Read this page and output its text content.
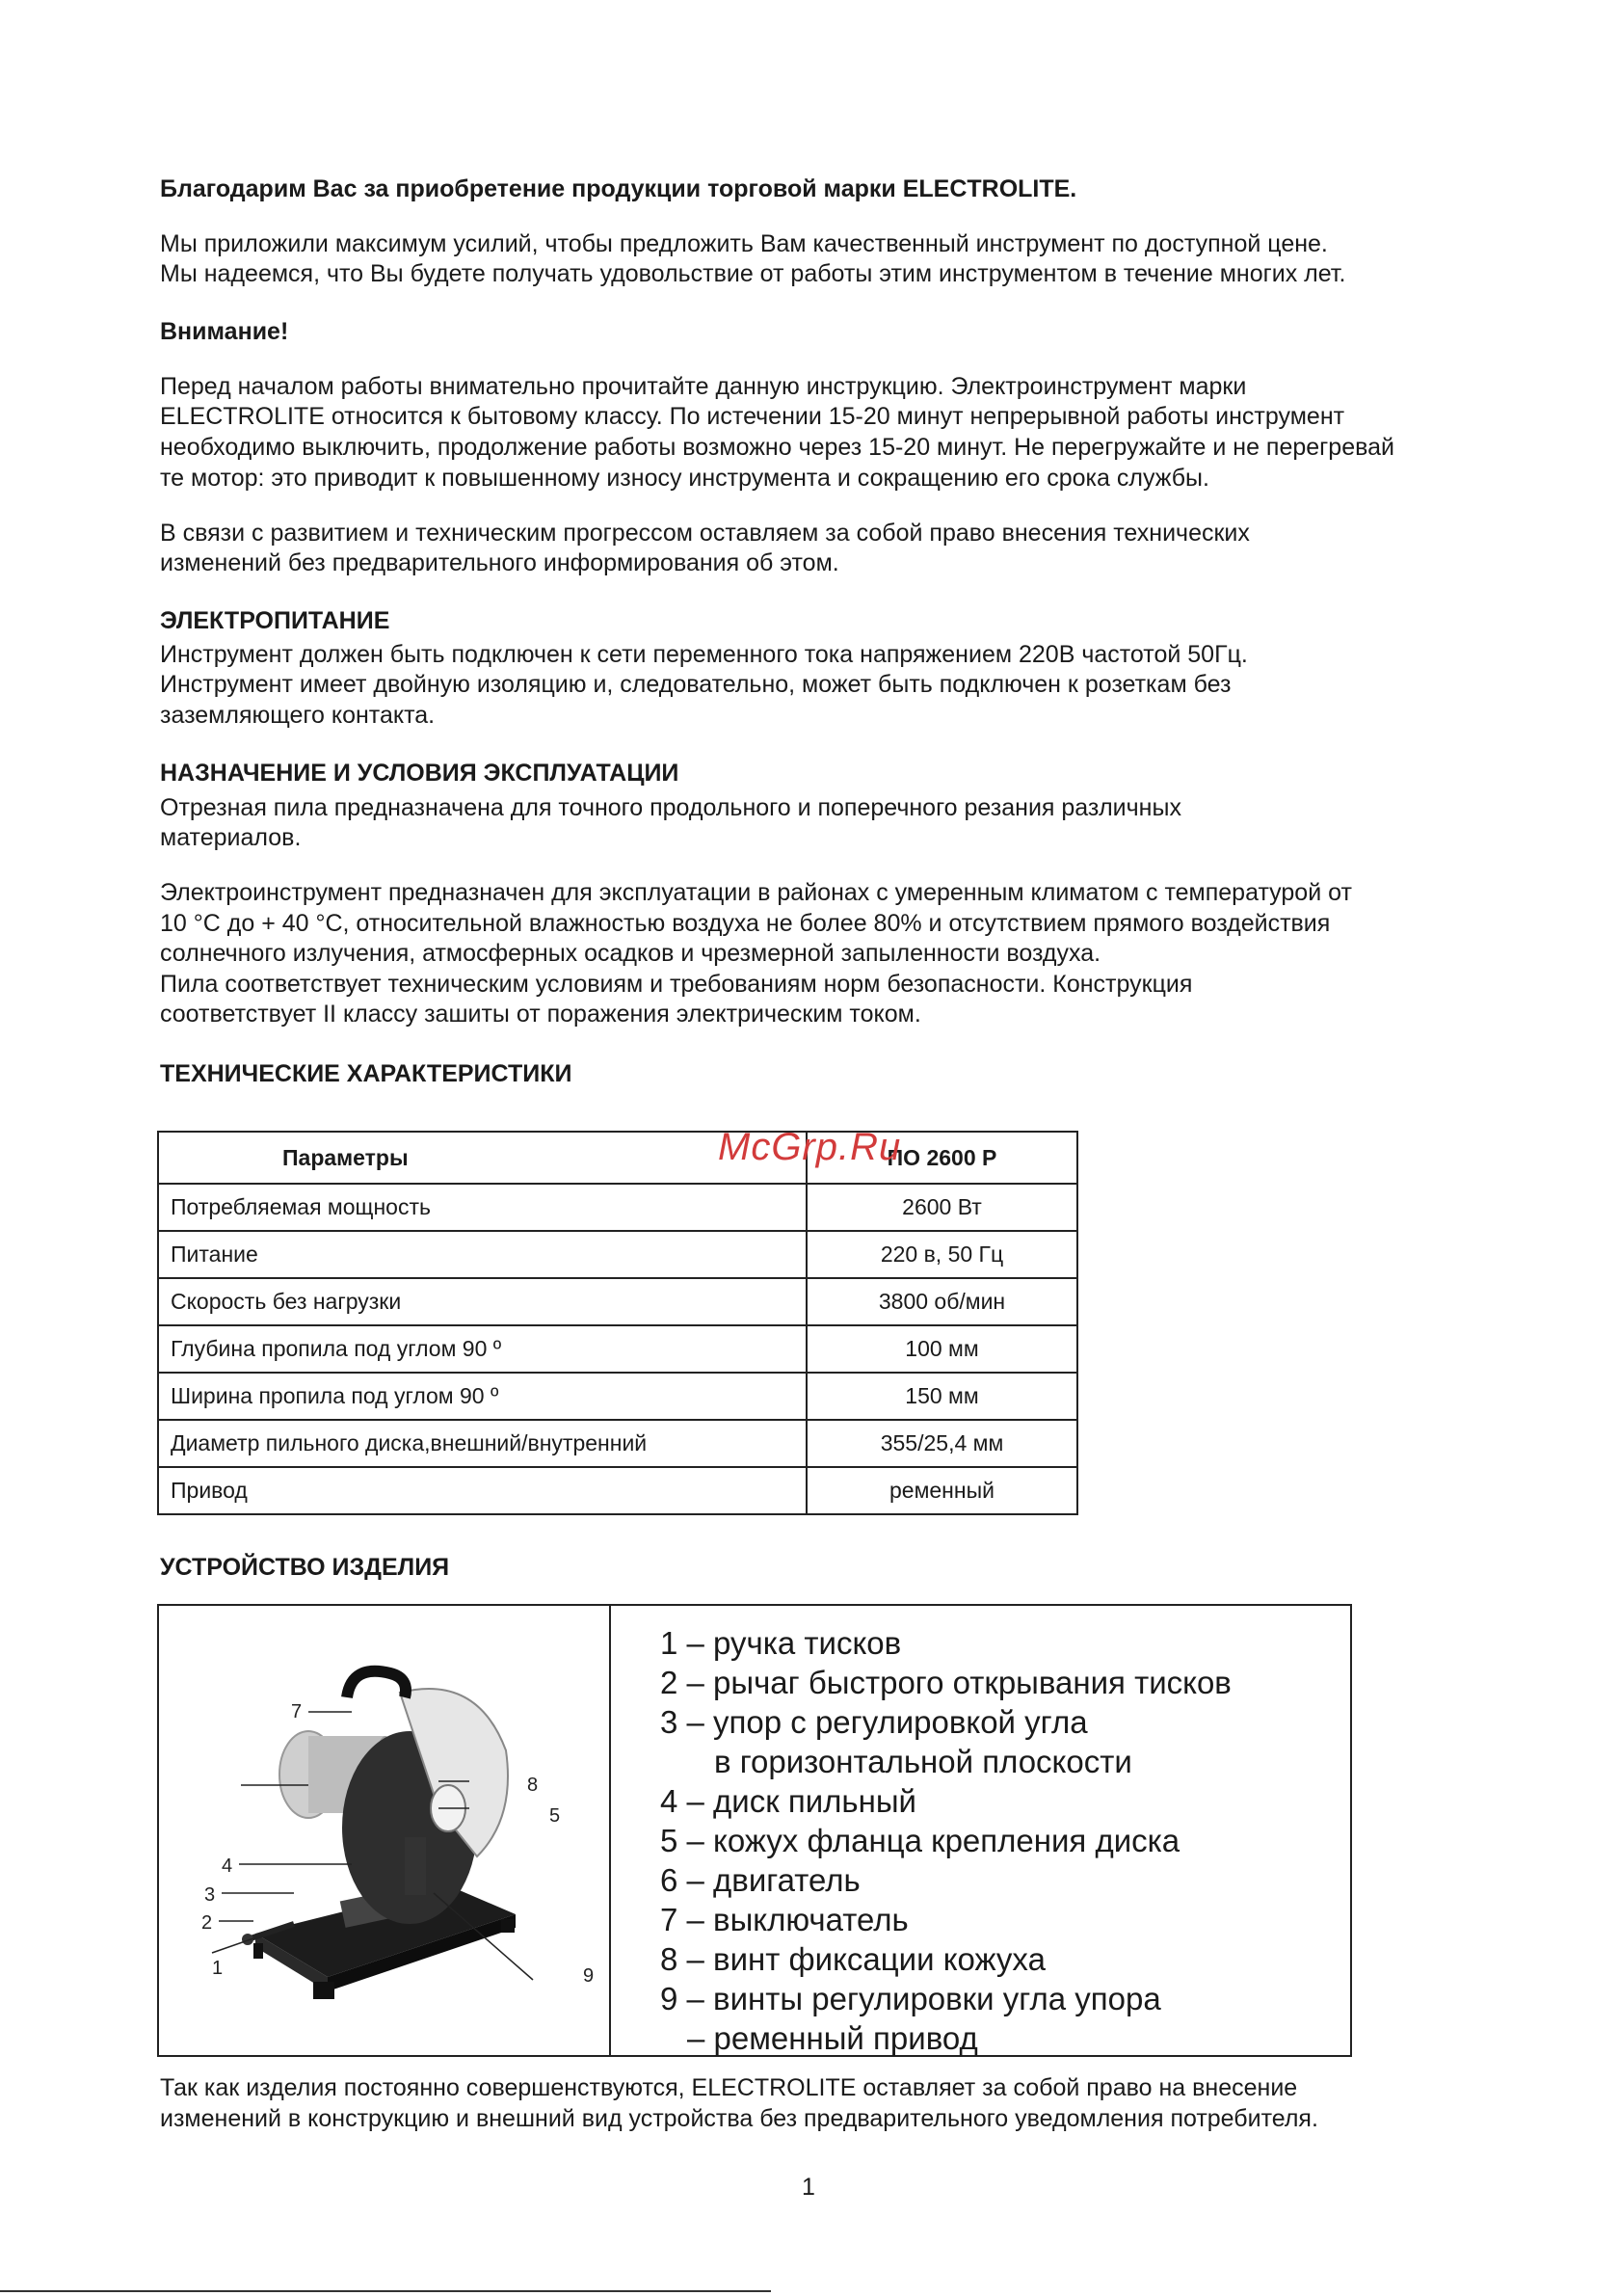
Благодарим Вас за приобретение продукции торговой марки ELECTROLITE.

Мы приложили максимум усилий, чтобы предложить Вам качественный инструмент по доступной цене.

Мы надеемся, что Вы будете получать удовольствие от работы этим инструментом в течение многих лет.

Внимание!

Перед началом работы внимательно прочитайте данную инструкцию. Электроинструмент марки

ELECTROLITE относится к бытовому классу. По истечении 15-20 минут непрерывной работы инструмент

необходимо выключить, продолжение работы возможно через 15-20 минут. Не перегружайте и не перегревай

те мотор: это приводит к повышенному износу инструмента и сокращению его срока службы.

В связи с развитием и техническим прогрессом оставляем за собой право внесения технических

изменений без предварительного информирования об этом.

ЭЛЕКТРОПИТАНИЕ

Инструмент должен быть подключен к сети переменного тока напряжением 220В частотой 50Гц.

Инструмент имеет двойную изоляцию и, следовательно, может быть подключен к розеткам без

заземляющего контакта.

НАЗНАЧЕНИЕ И УСЛОВИЯ ЭКСПЛУАТАЦИИ

Отрезная пила предназначена для точного продольного и поперечного резания различных

материалов.

Электроинструмент предназначен для эксплуатации в районах с умеренным климатом с температурой от

10 °С до + 40 °С, относительной влажностью воздуха не более 80% и отсутствием прямого воздействия

солнечного излучения, атмосферных осадков и чрезмерной запыленности воздуха.

Пила соответствует техническим условиям и требованиям норм безопасности. Конструкция

соответствует II классу зашиты от поражения электрическим током.

ТЕХНИЧЕСКИЕ ХАРАКТЕРИСТИКИ

Параметры	ПО 2600 Р
Потребляемая мощность	2600 Вт
Питание	220 в, 50 Гц
Скорость без нагрузки	3800 об/мин
Глубина пропила под углом 90 º	100 мм
Ширина пропила под углом 90 º	150 мм
Диаметр пильного диска,внешний/внутренний	355/25,4 мм
Привод	ременный
McGrp.Ru

УСТРОЙСТВО ИЗДЕЛИЯ

1
2
3
4
5
7
8
9
1 – ручка тисков
2 – рычаг быстрого открывания тисков
3 – упор с регулировкой угла
в горизонтальной плоскости
4 – диск пильный
5 – кожух фланца крепления диска
6 – двигатель
7 – выключатель
8 – винт фиксации кожуха
9 – винты регулировки угла упора
– ременный привод

Так как изделия постоянно совершенствуются, ELECTROLITE оставляет за собой право на внесение

изменений в конструкцию и внешний вид устройства без предварительного уведомления потребителя.

1
